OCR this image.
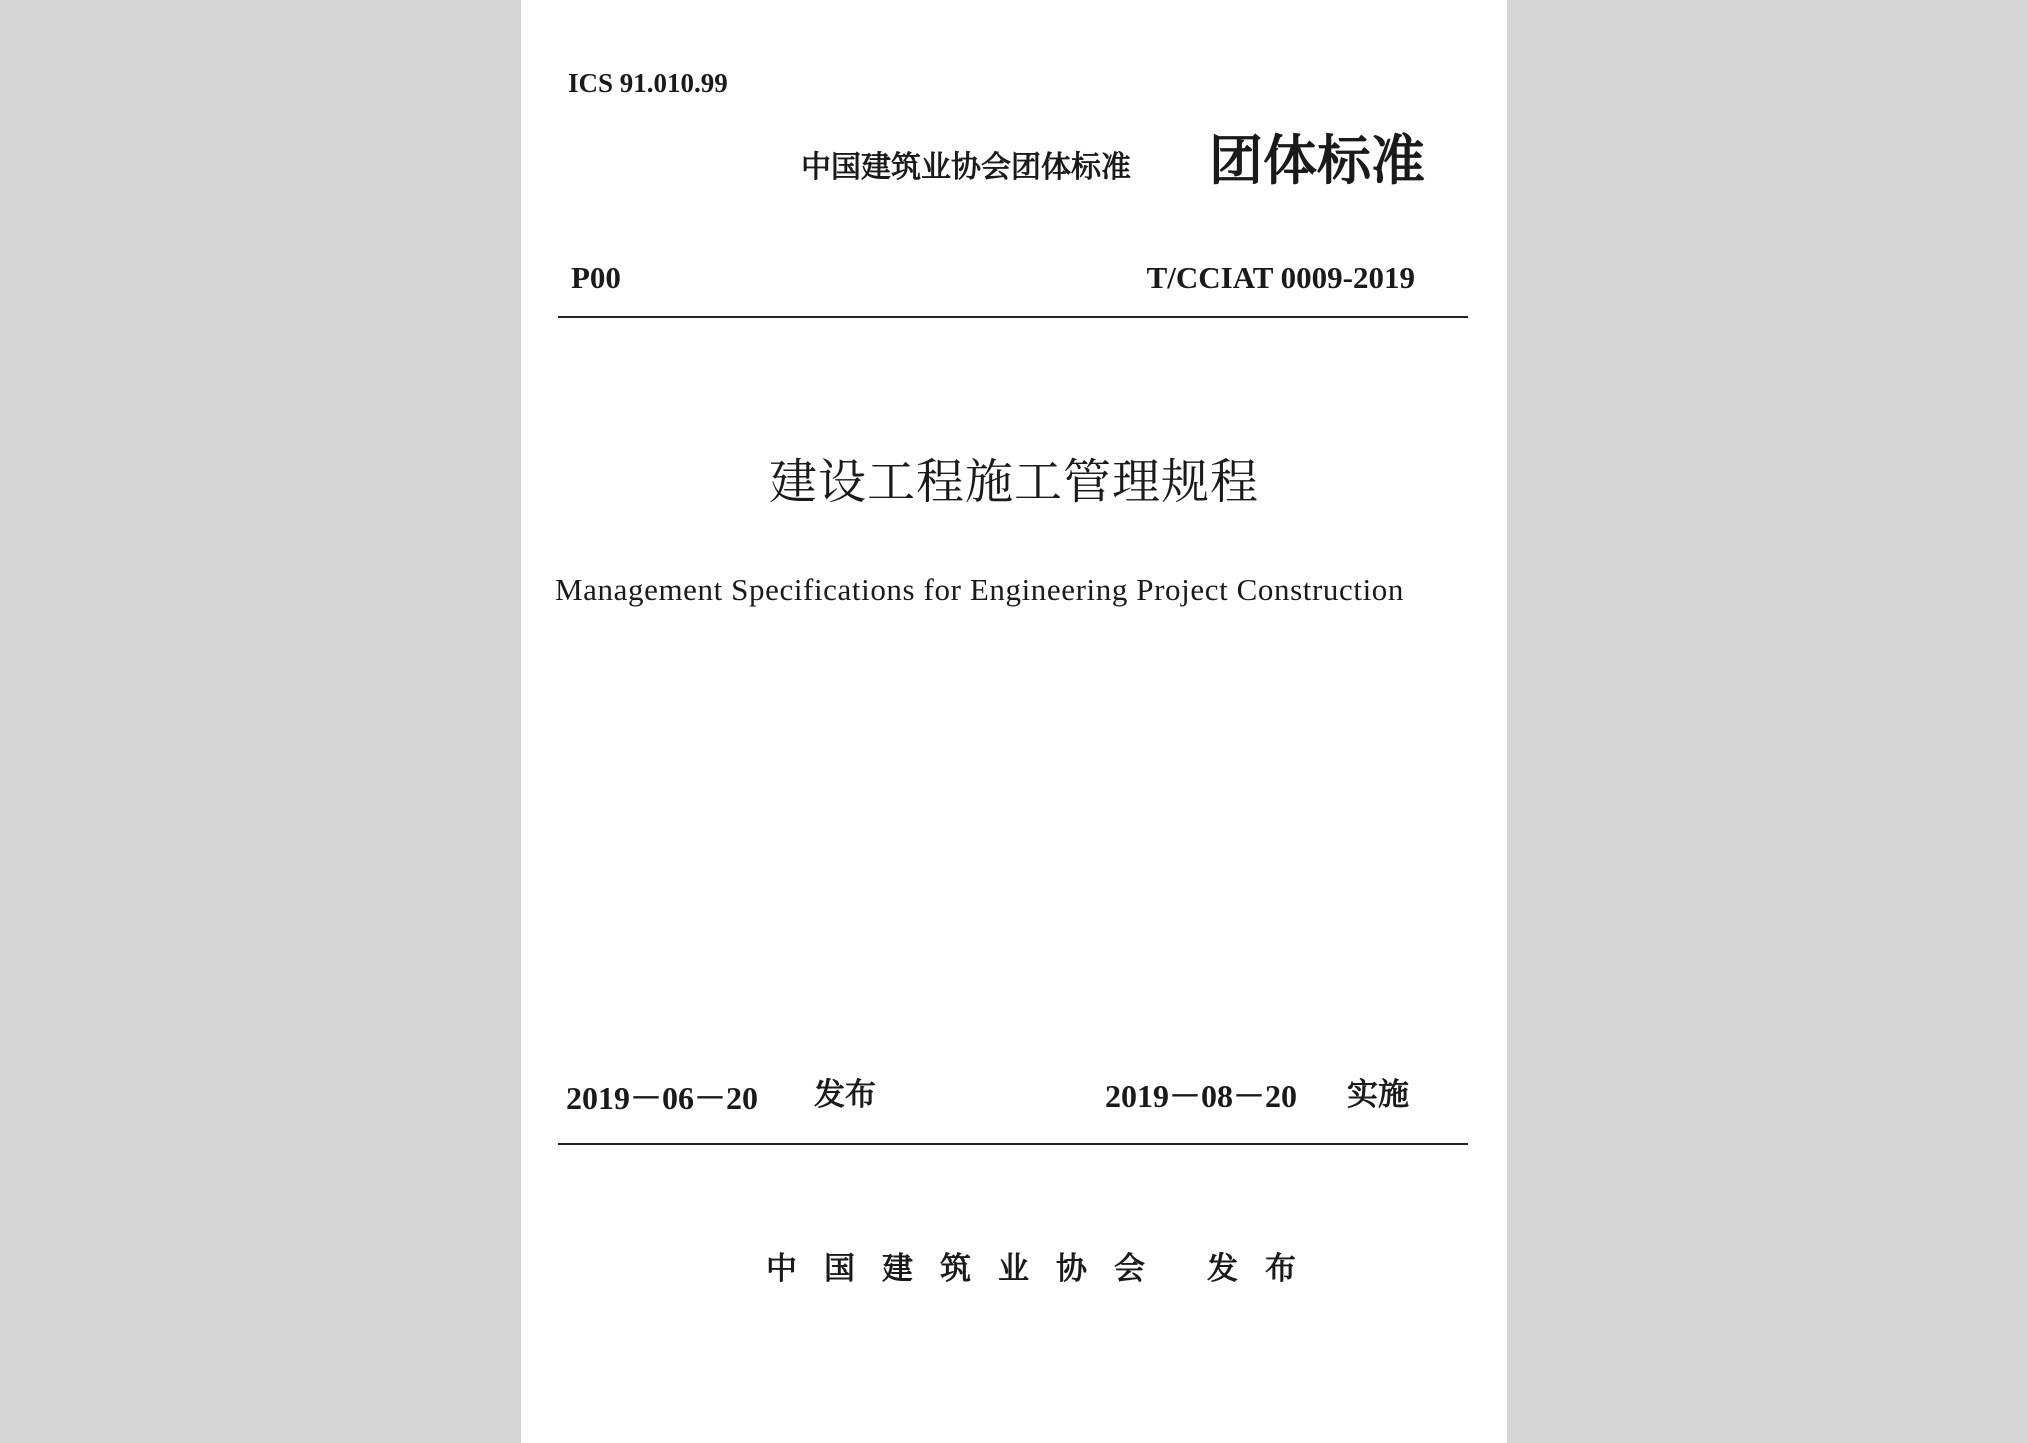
ICS 91.010.99
中国建筑业协会团体标准 团体标准
P00	T/CCIAT 0009-2019
建设工程施工管理规程
Management Specifications for Engineering Project Construction
2019－06－20 发布	2019－08－20 实施
中国建筑业协会 发布
